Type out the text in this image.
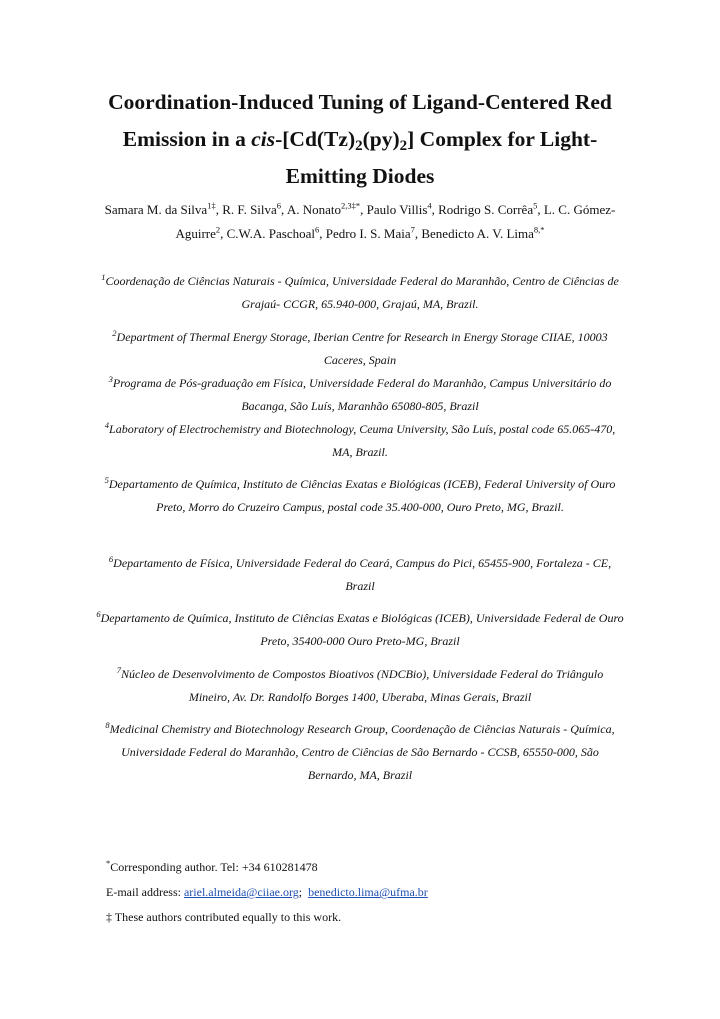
Coordination-Induced Tuning of Ligand-Centered Red Emission in a cis-$[Cd(Tz)_2(py)_2]$ Complex for Light-Emitting Diodes
Samara M. da Silva$^{1\ddagger}$, R. F. Silva$^6$, A. Nonato$^{2,3\ddagger*}$, Paulo Villis$^4$, Rodrigo S. Corrêa$^5$, L. C. Gómez-Aguirre$^2$, C.W.A. Paschoal$^6$, Pedro I. S. Maia$^7$, Benedicto A. V. Lima$^{8,*}$
$^1$Coordenação de Ciências Naturais - Química, Universidade Federal do Maranhão, Centro de Ciências de Grajaú- CCGR, 65.940-000, Grajaú, MA, Brazil.
$^2$Department of Thermal Energy Storage, Iberian Centre for Research in Energy Storage CIIAE, 10003 Caceres, Spain
$^3$Programa de Pós-graduação em Física, Universidade Federal do Maranhão, Campus Universitário do Bacanga, São Luís, Maranhão 65080-805, Brazil
$^4$Laboratory of Electrochemistry and Biotechnology, Ceuma University, São Luís, postal code 65.065-470, MA, Brazil.
$^5$Departamento de Química, Instituto de Ciências Exatas e Biológicas (ICEB), Federal University of Ouro Preto, Morro do Cruzeiro Campus, postal code 35.400-000, Ouro Preto, MG, Brazil.
$^6$Departamento de Física, Universidade Federal do Ceará, Campus do Pici, 65455-900, Fortaleza - CE, Brazil
$^6$Departamento de Química, Instituto de Ciências Exatas e Biológicas (ICEB), Universidade Federal de Ouro Preto, 35400-000 Ouro Preto-MG, Brazil
$^7$Núcleo de Desenvolvimento de Compostos Bioativos (NDCBio), Universidade Federal do Triângulo Mineiro, Av. Dr. Randolfo Borges 1400, Uberaba, Minas Gerais, Brazil
$^8$Medicinal Chemistry and Biotechnology Research Group, Coordenação de Ciências Naturais - Química, Universidade Federal do Maranhão, Centro de Ciências de São Bernardo - CCSB, 65550-000, São Bernardo, MA, Brazil
*Corresponding author. Tel: +34 610281478
E-mail address: ariel.almeida@ciiae.org;  benedicto.lima@ufma.br
‡ These authors contributed equally to this work.
